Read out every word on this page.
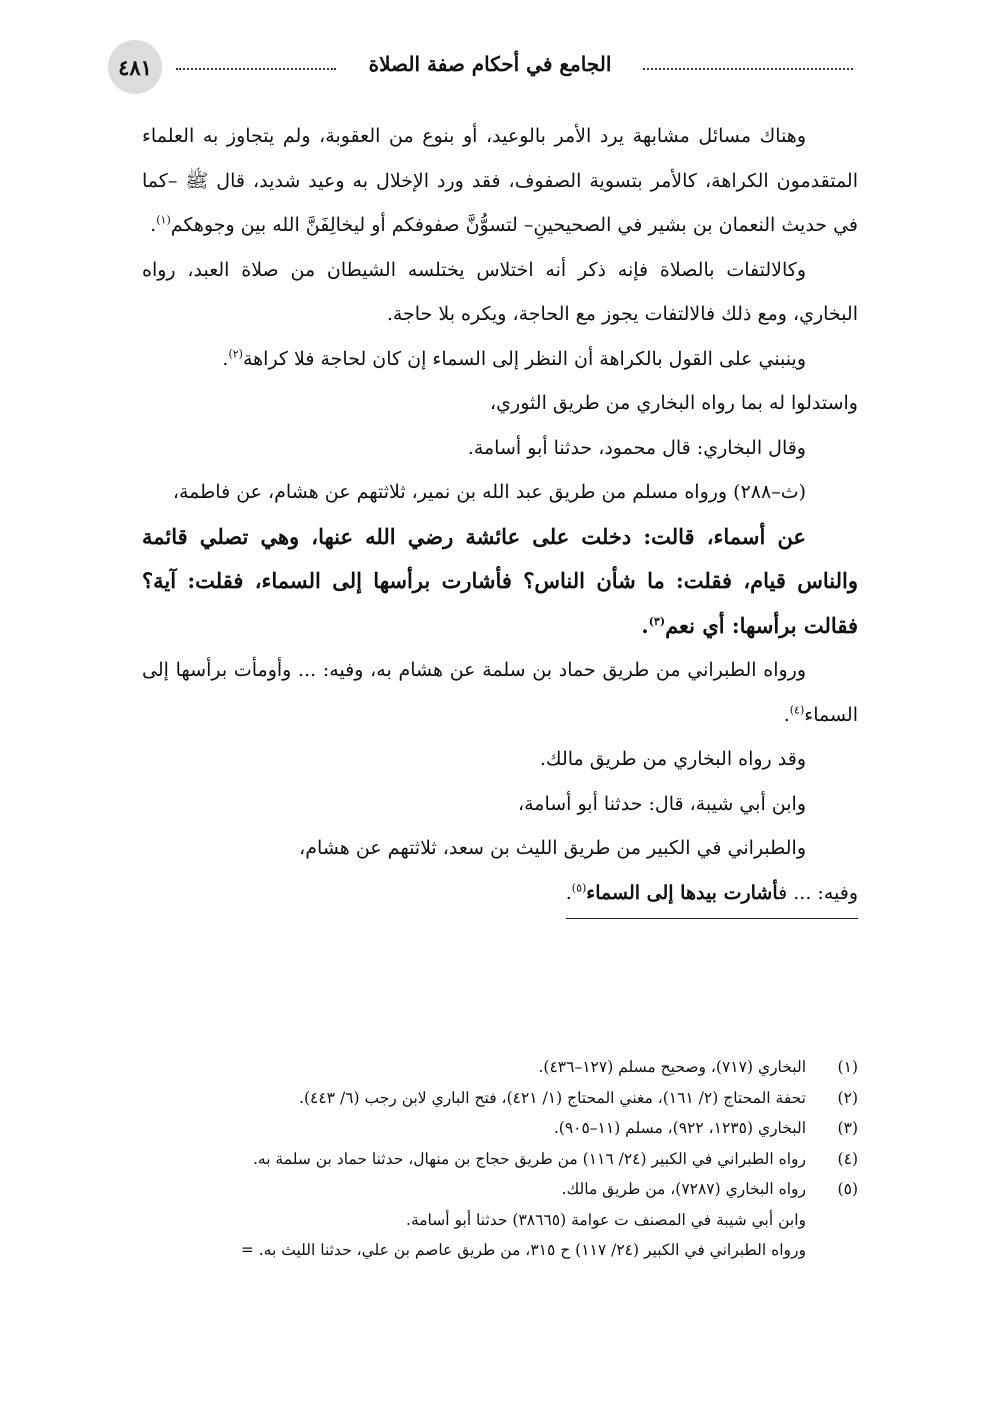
٤٨١	الجامع في أحكام صفة الصلاة

وهناك مسائل مشابهة يرد الأمر بالوعيد، أو بنوع من العقوبة، ولم يتجاوز به العلماء المتقدمون الكراهة، كالأمر بتسوية الصفوف، فقد ورد الإخلال به وعيد شديد، قال ﷺ –كما في حديث النعمان بن بشير في الصحيحينِ– لتسوُّنَّ صفوفكم أو ليخالِفَنَّ الله بين وجوهكم$^{(١)}$.

وكالالتفات بالصلاة فإنه ذكر أنه اختلاس يختلسه الشيطان من صلاة العبد، رواه البخاري، ومع ذلك فالالتفات يجوز مع الحاجة، ويكره بلا حاجة.

وينبني على القول بالكراهة أن النظر إلى السماء إن كان لحاجة فلا كراهة$^{(٢)}$.

واستدلوا له بما رواه البخاري من طريق الثوري،

وقال البخاري: قال محمود، حدثنا أبو أسامة.

(ث–٢٨٨) ورواه مسلم من طريق عبد الله بن نمير، ثلاثتهم عن هشام، عن فاطمة،

عن أسماء، قالت: دخلت على عائشة رضي الله عنها، وهي تصلي قائمة والناس قيام، فقلت: ما شأن الناس؟ فأشارت برأسها إلى السماء، فقلت: آية؟ فقالت برأسها: أي نعم$^{(٣)}$.

ورواه الطبراني من طريق حماد بن سلمة عن هشام به، وفيه: ... وأومأت برأسها إلى السماء$^{(٤)}$.

وقد رواه البخاري من طريق مالك.

وابن أبي شيبة، قال: حدثنا أبو أسامة،

والطبراني في الكبير من طريق الليث بن سعد، ثلاثتهم عن هشام،

وفيه: ... فأشارت بيدها إلى السماء$^{(٥)}$.

(١)
البخاري (٧١٧)، وصحيح مسلم (١٢٧–٤٣٦).
(٢)
تحفة المحتاج (٢/ ١٦١)، مغني المحتاج (١/ ٤٢١)، فتح الباري لابن رجب (٦/ ٤٤٣).
(٣)
البخاري (١٢٣٥، ٩٢٢)، مسلم (١١–٩٠٥).
(٤)
رواه الطبراني في الكبير (٢٤/ ١١٦) من طريق حجاج بن منهال، حدثنا حماد بن سلمة به.
(٥)
رواه البخاري (٧٢٨٧)، من طريق مالك.
وابن أبي شيبة في المصنف ت عوامة (٣٨٦٦٥) حدثنا أبو أسامة.
ورواه الطبراني في الكبير (٢٤/ ١١٧) ح ٣١٥، من طريق عاصم بن علي، حدثنا الليث به. =
